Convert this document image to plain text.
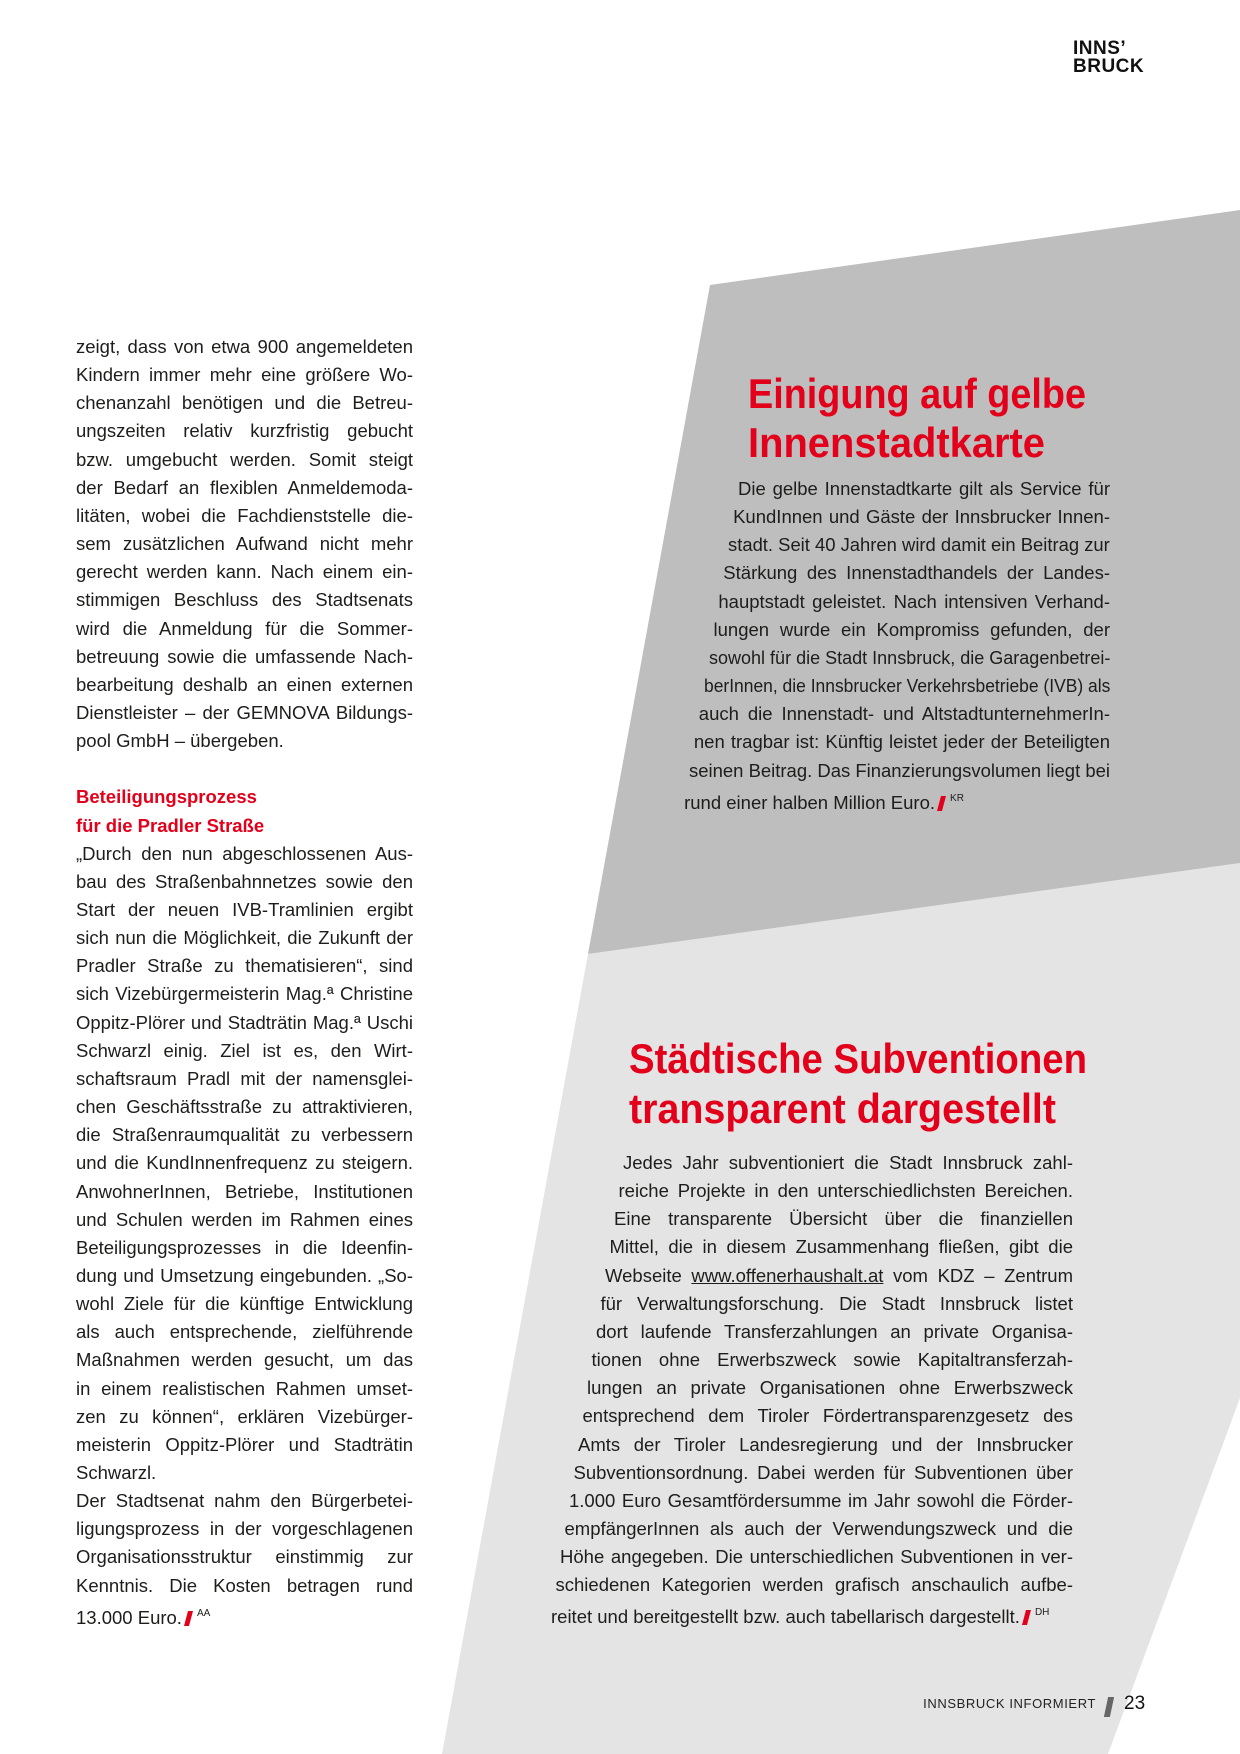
INNS’
BRUCK
zeigt, dass von etwa 900 angemeldeten
Kindern immer mehr eine größere Wo-
chenanzahl benötigen und die Betreu-
ungszeiten relativ kurzfristig gebucht
bzw. umgebucht werden. Somit steigt
der Bedarf an flexiblen Anmeldemoda-
litäten, wobei die Fachdienststelle die-
sem zusätzlichen Aufwand nicht mehr
gerecht werden kann. Nach einem ein-
stimmigen Beschluss des Stadtsenats
wird die Anmeldung für die Sommer-
betreuung sowie die umfassende Nach-
bearbeitung deshalb an einen externen
Dienstleister – der GEMNOVA Bildungs-
pool GmbH – übergeben.
Beteiligungsprozess
für die Pradler Straße
„Durch den nun abgeschlossenen Aus-
bau des Straßenbahnnetzes sowie den
Start der neuen IVB-Tramlinien ergibt
sich nun die Möglichkeit, die Zukunft der
Pradler Straße zu thematisieren“, sind
sich Vizebürgermeisterin Mag.ª Christine
Oppitz-Plörer und Stadträtin Mag.ª Uschi
Schwarzl einig. Ziel ist es, den Wirt-
schaftsraum Pradl mit der namensglei-
chen Geschäftsstraße zu attraktivieren,
die Straßenraumqualität zu verbessern
und die KundInnenfrequenz zu steigern.
AnwohnerInnen, Betriebe, Institutionen
und Schulen werden im Rahmen eines
Beteiligungsprozesses in die Ideenfin-
dung und Umsetzung eingebunden. „So-
wohl Ziele für die künftige Entwicklung
als auch entsprechende, zielführende
Maßnahmen werden gesucht, um das
in einem realistischen Rahmen umset-
zen zu können“, erklären Vizebürger-
meisterin Oppitz-Plörer und Stadträtin
Schwarzl.
Der Stadtsenat nahm den Bürgerbetei-
ligungsprozess in der vorgeschlagenen
Organisationsstruktur einstimmig zur
Kenntnis. Die Kosten betragen rund
13.000 Euro. $^{AA}$
Einigung auf gelbe
Innenstadtkarte
Die gelbe Innenstadtkarte gilt als Service für
KundInnen und Gäste der Innsbrucker Innen-
stadt. Seit 40 Jahren wird damit ein Beitrag zur
Stärkung des Innenstadthandels der Landes-
hauptstadt geleistet. Nach intensiven Verhand-
lungen wurde ein Kompromiss gefunden, der
sowohl für die Stadt Innsbruck, die Garagenbetrei-
berInnen, die Innsbrucker Verkehrsbetriebe (IVB) als
auch die Innenstadt- und AltstadtunternehmerIn-
nen tragbar ist: Künftig leistet jeder der Beteiligten
seinen Beitrag. Das Finanzierungsvolumen liegt bei
rund einer halben Million Euro. $^{KR}$
Städtische Subventionen
transparent dargestellt
Jedes Jahr subventioniert die Stadt Innsbruck zahl-
reiche Projekte in den unterschiedlichsten Bereichen.
Eine transparente Übersicht über die finanziellen
Mittel, die in diesem Zusammenhang fließen, gibt die
Webseite www.offenerhaushalt.at vom KDZ – Zentrum
für Verwaltungsforschung. Die Stadt Innsbruck listet
dort laufende Transferzahlungen an private Organisa-
tionen ohne Erwerbszweck sowie Kapitaltransferzah-
lungen an private Organisationen ohne Erwerbszweck
entsprechend dem Tiroler Fördertransparenzgesetz des
Amts der Tiroler Landesregierung und der Innsbrucker
Subventionsordnung. Dabei werden für Subventionen über
1.000 Euro Gesamtfördersumme im Jahr sowohl die Förder-
empfängerInnen als auch der Verwendungszweck und die
Höhe angegeben. Die unterschiedlichen Subventionen in ver-
schiedenen Kategorien werden grafisch anschaulich aufbe-
reitet und bereitgestellt bzw. auch tabellarisch dargestellt. $^{DH}$
INNSBRUCK INFORMIERT 23
